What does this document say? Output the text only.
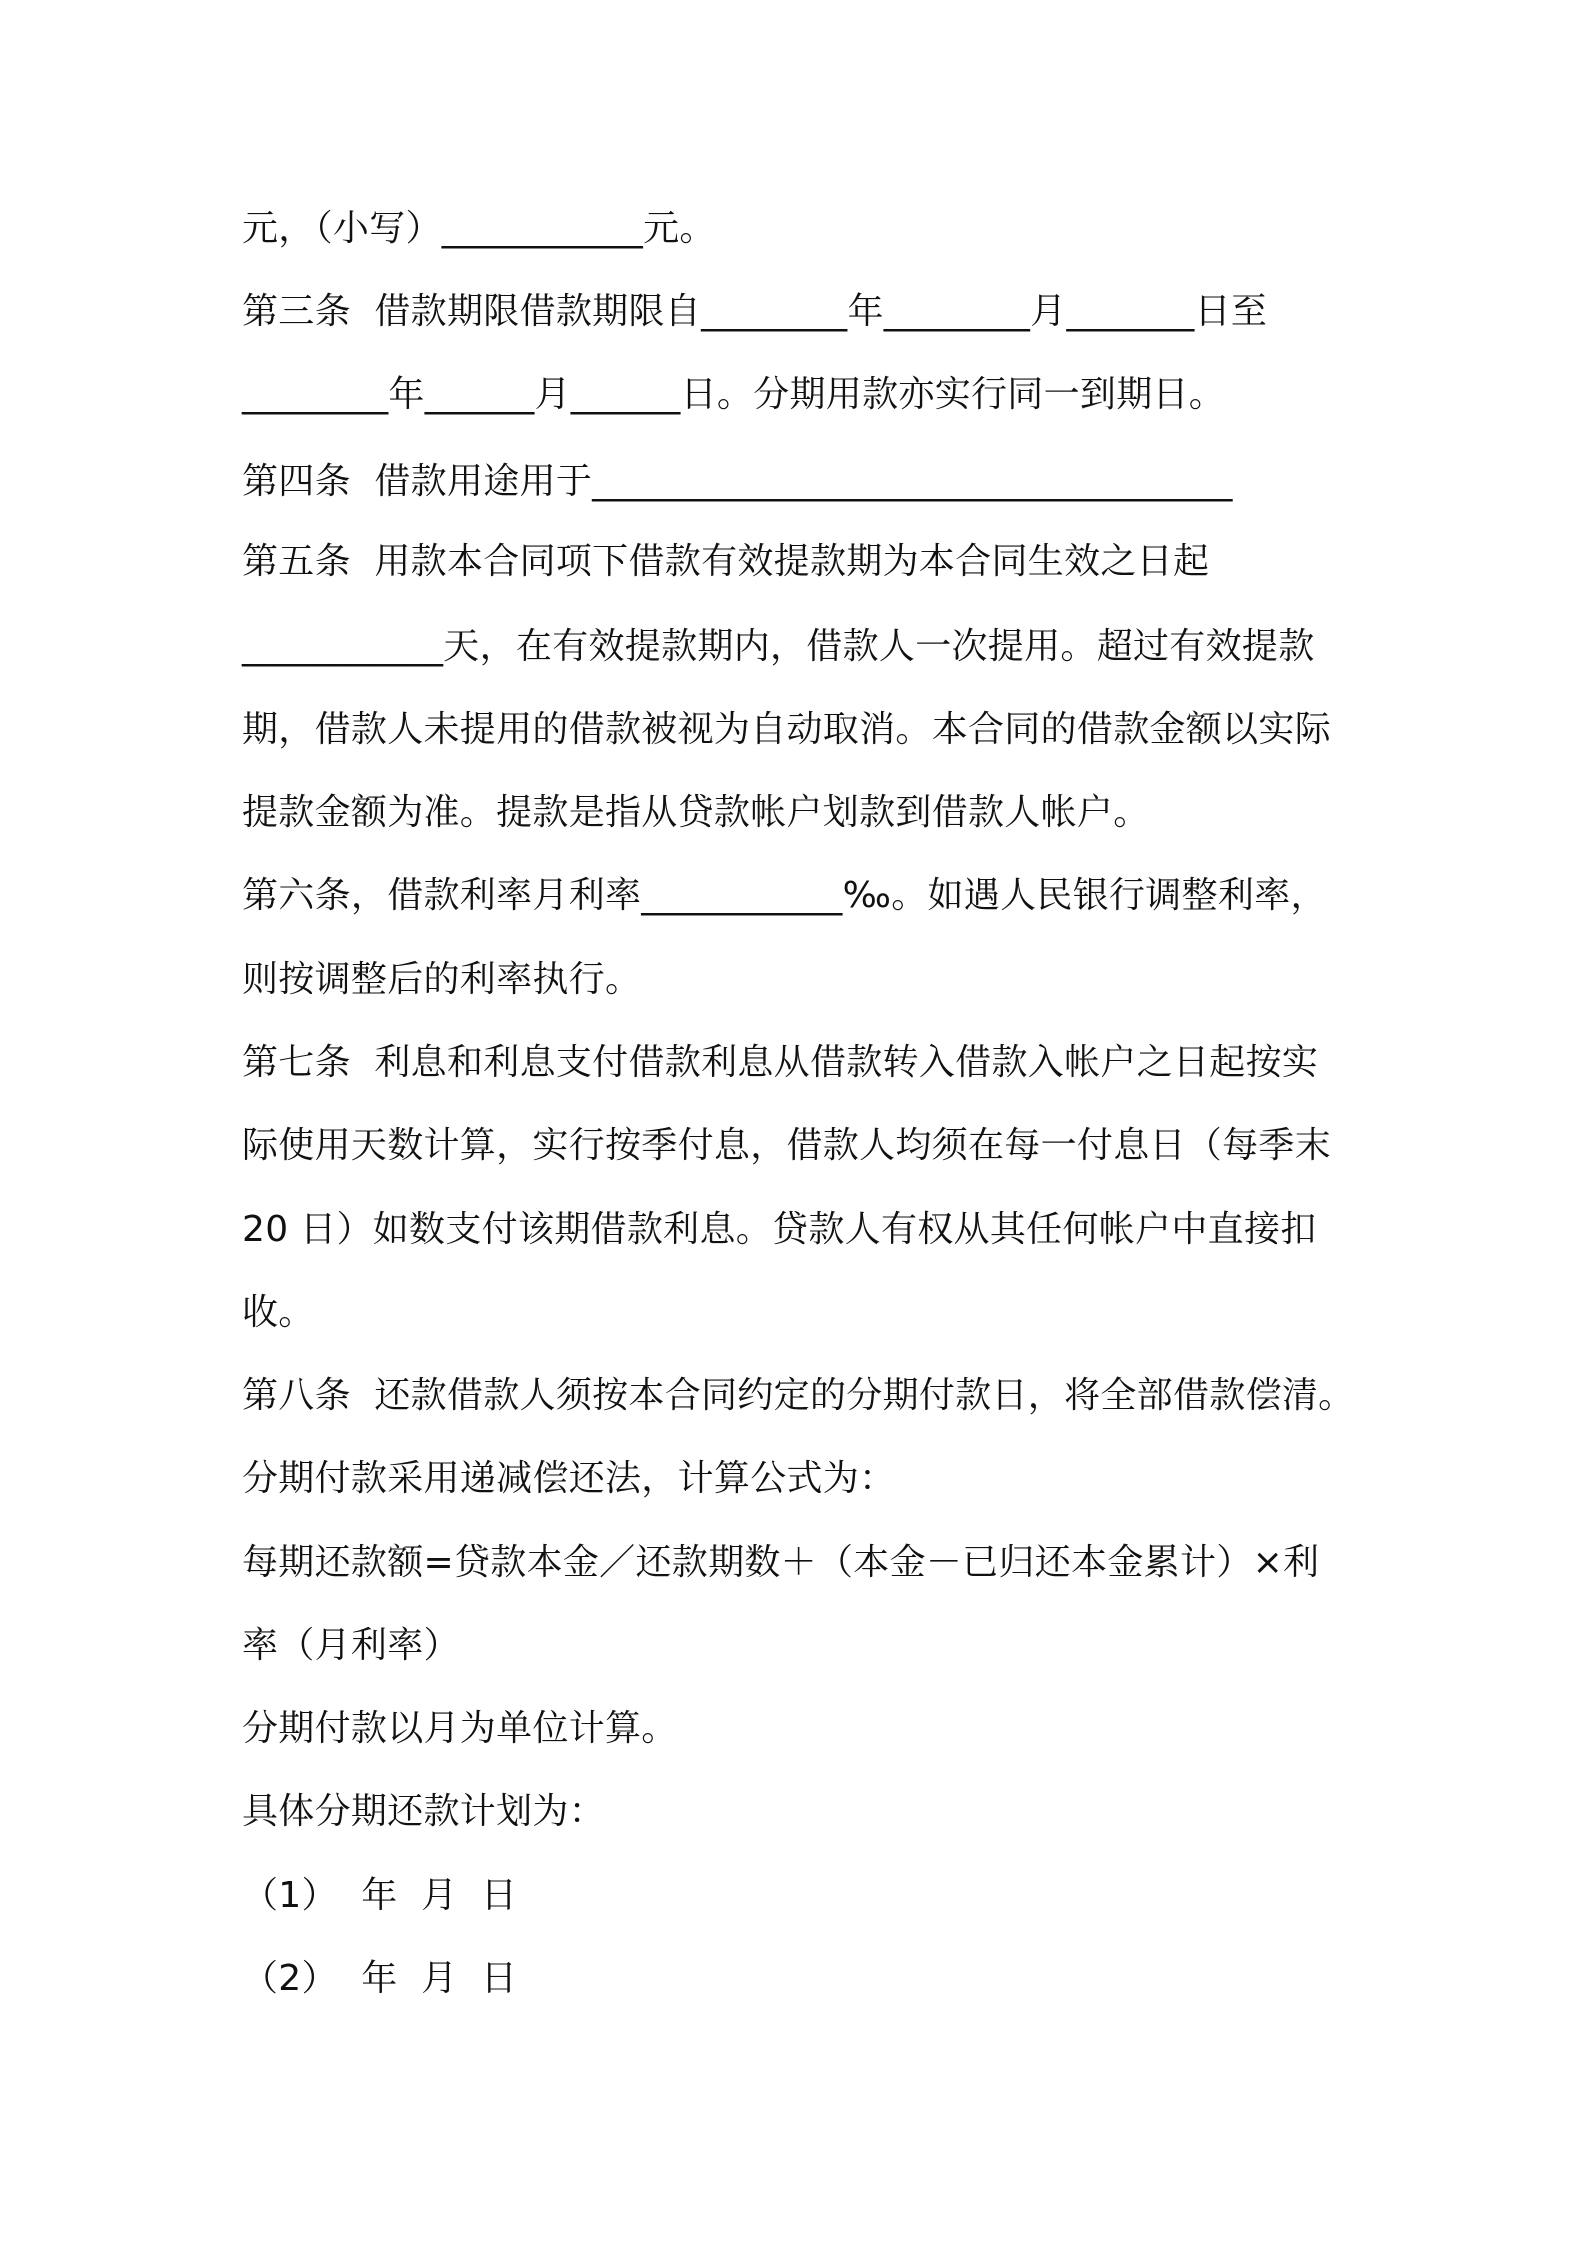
元，（小写）___________元。

第三条  借款期限借款期限自________年________月_______日至

________年______月______日。分期用款亦实行同一到期日。

第四条  借款用途用于___________________________________

第五条  用款本合同项下借款有效提款期为本合同生效之日起

___________天，在有效提款期内，借款人一次提用。超过有效提款

期，借款人未提用的借款被视为自动取消。本合同的借款金额以实际

提款金额为准。提款是指从贷款帐户划款到借款人帐户。

第六条，借款利率月利率___________‰。如遇人民银行调整利率，

则按调整后的利率执行。

第七条  利息和利息支付借款利息从借款转入借款入帐户之日起按实

际使用天数计算，实行按季付息，借款人均须在每一付息日（每季末

20 日）如数支付该期借款利息。贷款人有权从其任何帐户中直接扣

收。

第八条  还款借款人须按本合同约定的分期付款日，将全部借款偿清。

分期付款采用递减偿还法，计算公式为：

每期还款额=贷款本金／还款期数＋（本金－已归还本金累计）×利

率（月利率）

分期付款以月为单位计算。

具体分期还款计划为：

（1）  年  月  日

（2）  年  月  日
